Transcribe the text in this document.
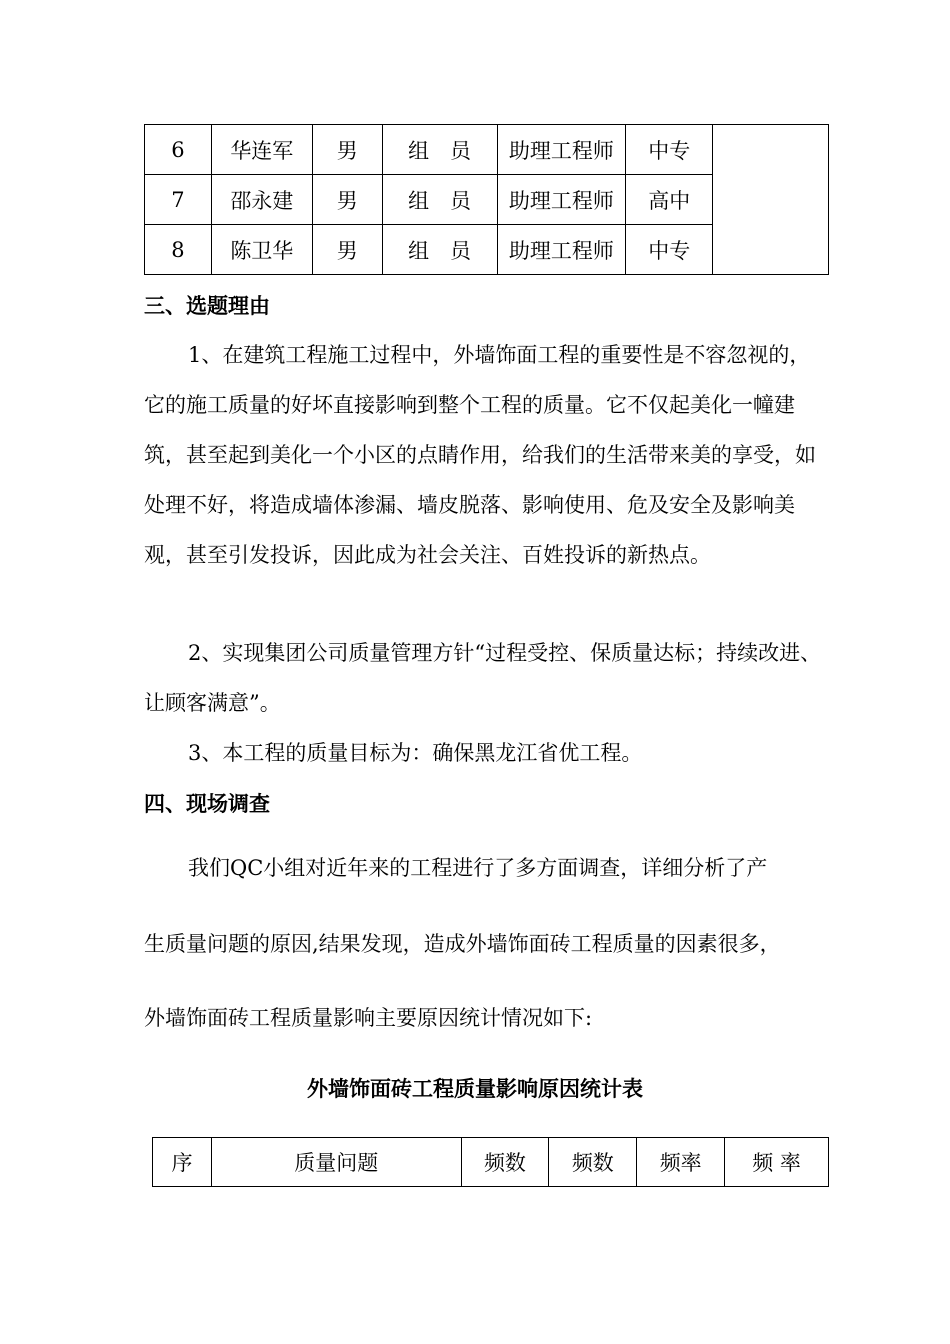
6	华连军	男	组　员	助理工程师	中专	
7	邵永建	男	组　员	助理工程师	高中	
8	陈卫华	男	组　员	助理工程师	中专	
三、选题理由

1、在建筑工程施工过程中，外墙饰面工程的重要性是不容忽视的，它的施工质量的好坏直接影响到整个工程的质量。它不仅起美化一幢建筑，甚至起到美化一个小区的点睛作用，给我们的生活带来美的享受，如处理不好，将造成墙体渗漏、墙皮脱落、影响使用、危及安全及影响美观，甚至引发投诉，因此成为社会关注、百姓投诉的新热点。

2、实现集团公司质量管理方针“过程受控、保质量达标；持续改进、让顾客满意”。

3、本工程的质量目标为：确保黑龙江省优工程。

四、现场调查
我们QC小组对近年来的工程进行了多方面调查，详细分析了产
生质量问题的原因,结果发现，造成外墙饰面砖工程质量的因素很多，
外墙饰面砖工程质量影响主要原因统计情况如下:
外墙饰面砖工程质量影响原因统计表
序	质量问题	频数	频数	频率	频 率
